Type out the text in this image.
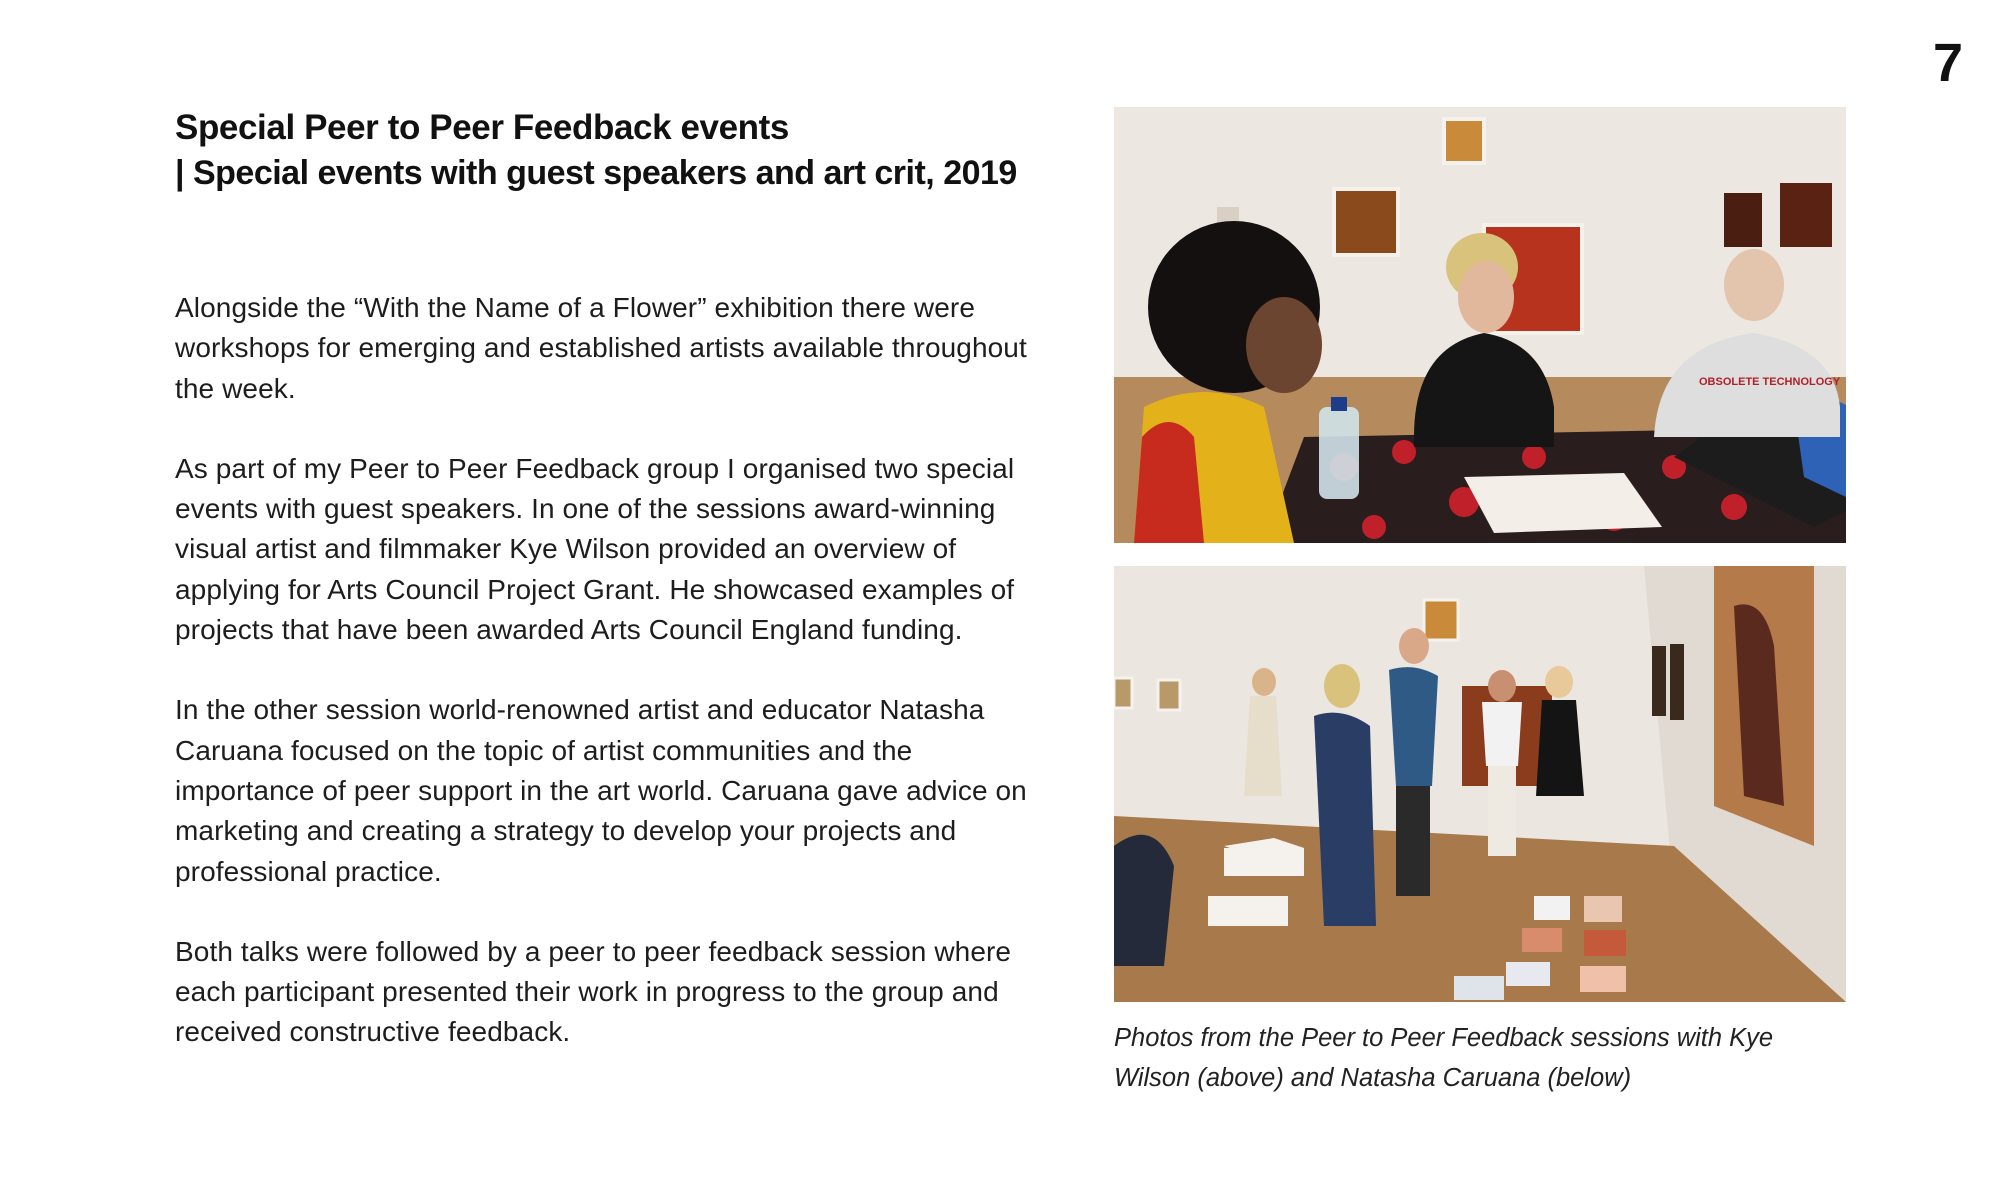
7
Special Peer to Peer Feedback events
| Special events with guest speakers and art crit, 2019

Alongside the “With the Name of a Flower” exhibition there were workshops for emerging and established artists available throughout the week.

As part of my Peer to Peer Feedback group I organised two special events with guest speakers. In one of the sessions award-winning visual artist and filmmaker Kye Wilson provided an overview of applying for Arts Council Project Grant. He showcased examples of projects that have been awarded Arts Council England funding.

In the other session world-renowned artist and educator Natasha Caruana focused on the topic of artist communities and the importance of peer support in the art world. Caruana gave advice on marketing and creating a strategy to develop your projects and professional practice.

Both talks were followed by a peer to peer feedback session where each participant presented their work in progress to the group and received constructive feedback.

OBSOLETE TECHNOLOGY
Photos from the Peer to Peer Feedback sessions with Kye Wilson (above) and Natasha Caruana (below)
